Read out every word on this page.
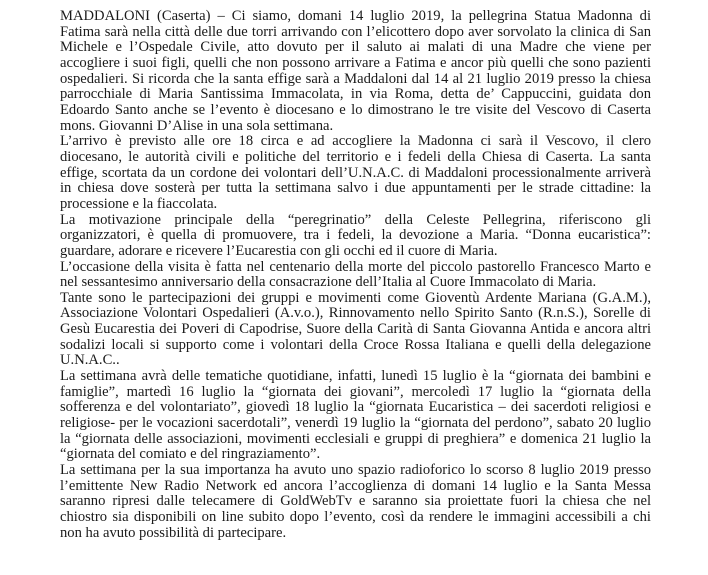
MADDALONI (Caserta) – Ci siamo, domani 14 luglio 2019, la pellegrina Statua Madonna di
Fatima sarà nella città delle due torri arrivando con l’elicottero dopo aver sorvolato la clinica di San
Michele e l’Ospedale Civile, atto dovuto per il saluto ai malati di una Madre che viene per
accogliere i suoi figli, quelli che non possono arrivare a Fatima e ancor più quelli che sono pazienti
ospedalieri. Si ricorda che la santa effige sarà a Maddaloni dal 14 al 21 luglio 2019 presso la chiesa
parrocchiale di Maria Santissima Immacolata, in via Roma, detta de’ Cappuccini, guidata don
Edoardo Santo anche se l’evento è diocesano e lo dimostrano le tre visite del Vescovo di Caserta
mons. Giovanni D’Alise in una sola settimana.
L’arrivo è previsto alle ore 18 circa e ad accogliere la Madonna ci sarà il Vescovo, il clero
diocesano, le autorità civili e politiche del territorio e i fedeli della Chiesa di Caserta. La santa
effige, scortata da un cordone dei volontari dell’U.N.A.C. di Maddaloni processionalmente arriverà
in chiesa dove sosterà per tutta la settimana salvo i due appuntamenti per le strade cittadine: la
processione e la fiaccolata.
La motivazione principale della “peregrinatio” della Celeste Pellegrina, riferiscono gli
organizzatori, è quella di promuovere, tra i fedeli, la devozione a Maria. “Donna eucaristica”:
guardare, adorare e ricevere l’Eucarestia con gli occhi ed il cuore di Maria.
L’occasione della visita è fatta nel centenario della morte del piccolo pastorello Francesco Marto e
nel sessantesimo anniversario della consacrazione dell’Italia al Cuore Immacolato di Maria.
Tante sono le partecipazioni dei gruppi e movimenti come Gioventù Ardente Mariana (G.A.M.),
Associazione Volontari Ospedalieri (A.v.o.), Rinnovamento nello Spirito Santo (R.n.S.), Sorelle di
Gesù Eucarestia dei Poveri di Capodrise, Suore della Carità di Santa Giovanna Antida e ancora altri
sodalizi locali si supporto come i volontari della Croce Rossa Italiana e quelli della delegazione
U.N.A.C..
La settimana avrà delle tematiche quotidiane, infatti, lunedì 15 luglio è la “giornata dei bambini e
famiglie”, martedì 16 luglio la “giornata dei giovani”, mercoledì 17 luglio la “giornata della
sofferenza e del volontariato”, giovedì 18 luglio la “giornata Eucaristica – dei sacerdoti religiosi e
religiose- per le vocazioni sacerdotali”, venerdì 19 luglio la “giornata del perdono”, sabato 20 luglio
la “giornata delle associazioni, movimenti ecclesiali e gruppi di preghiera” e domenica 21 luglio la
“giornata del comiato e del ringraziamento”.
La settimana per la sua importanza ha avuto uno spazio radioforico lo scorso 8 luglio 2019 presso
l’emittente New Radio Network ed ancora l’accoglienza di domani 14 luglio e la Santa Messa
saranno ripresi dalle telecamere di GoldWebTv e saranno sia proiettate fuori la chiesa che nel
chiostro sia disponibili on line subito dopo l’evento, così da rendere le immagini accessibili a chi
non ha avuto possibilità di partecipare.
